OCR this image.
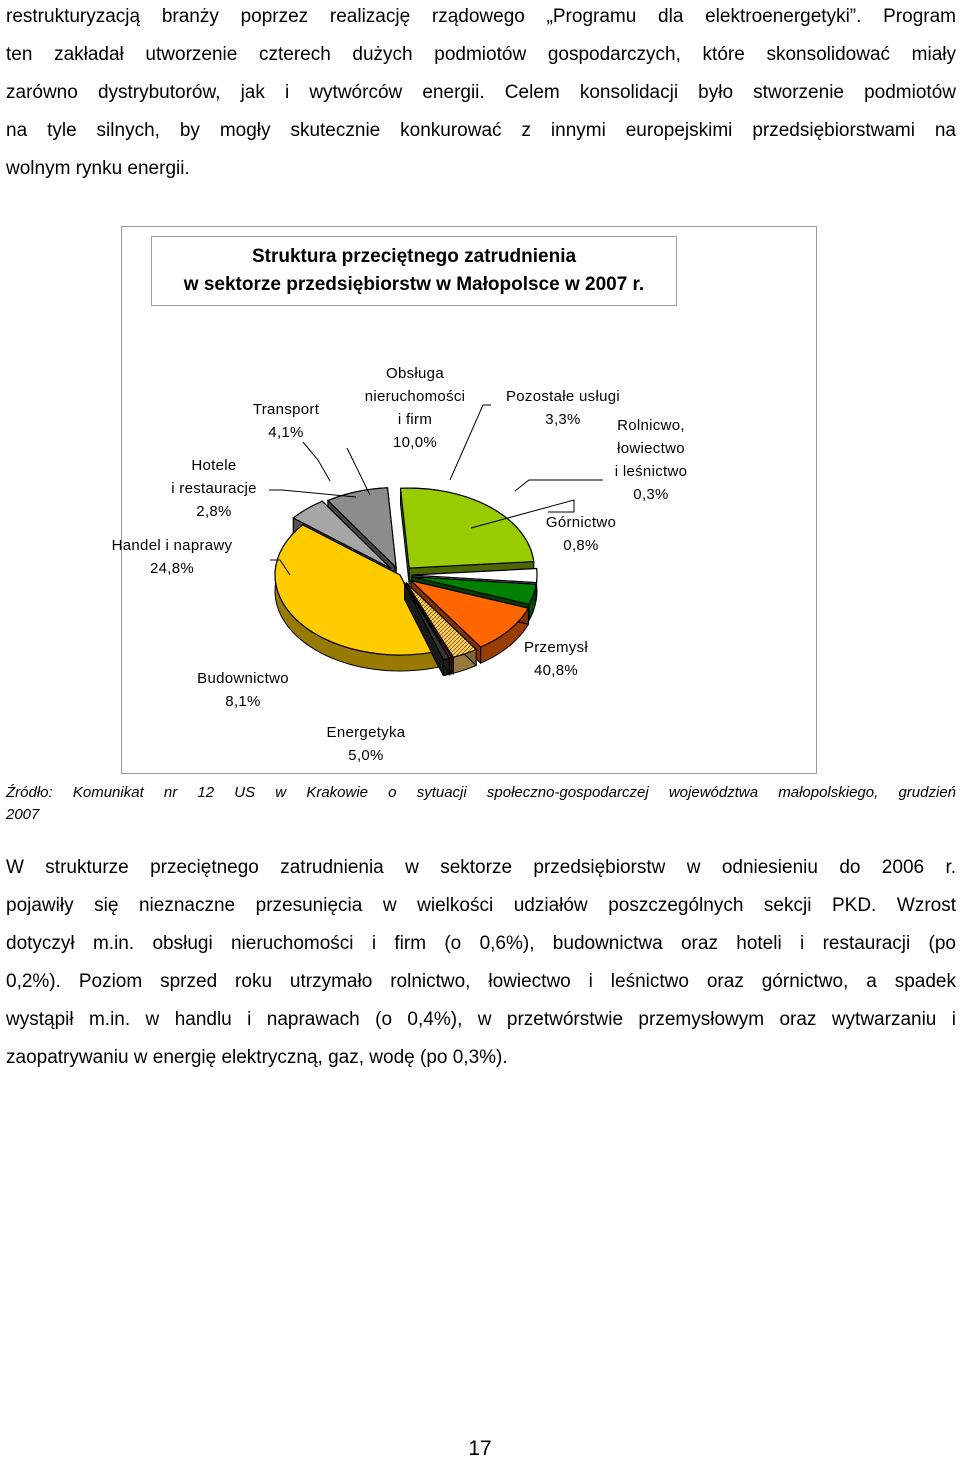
restrukturyzacją branży poprzez realizację rządowego „Programu dla elektroenergetyki”. Program
ten zakładał utworzenie czterech dużych podmiotów gospodarczych, które skonsolidować miały
zarówno dystrybutorów, jak i wytwórców energii. Celem konsolidacji było stworzenie podmiotów
na tyle silnych, by mogły skutecznie konkurować z innymi europejskimi przedsiębiorstwami na
wolnym rynku energii.
Przemysł 40,8%
Energetyka 5,0%
Budownictwo 8,1%
Handel i naprawy 24,8%
Hotele i restauracje 2,8%
Transport 4,1%
Obsługa nieruchomości i firm 10,0%
Pozostałe usługi 3,3%	Rolnicwo, łowiectwo i leśnictwo 0,3%
Górnictwo 0,8%
Struktura przeciętnego zatrudnienia
w sektorze przedsiębiorstw w Małopolsce w 2007 r.
Źródło: Komunikat nr 12 US w Krakowie o sytuacji społeczno-gospodarczej województwa małopolskiego, grudzień
2007
W strukturze przeciętnego zatrudnienia w sektorze przedsiębiorstw w odniesieniu do 2006 r.
pojawiły się nieznaczne przesunięcia w wielkości udziałów poszczególnych sekcji PKD. Wzrost
dotyczył m.in. obsługi nieruchomości i firm (o 0,6%), budownictwa oraz hoteli i restauracji (po
0,2%). Poziom sprzed roku utrzymało rolnictwo, łowiectwo i leśnictwo oraz górnictwo, a spadek
wystąpił m.in. w handlu i naprawach (o 0,4%), w przetwórstwie przemysłowym oraz wytwarzaniu i
zaopatrywaniu w energię elektryczną, gaz, wodę (po 0,3%).
17
